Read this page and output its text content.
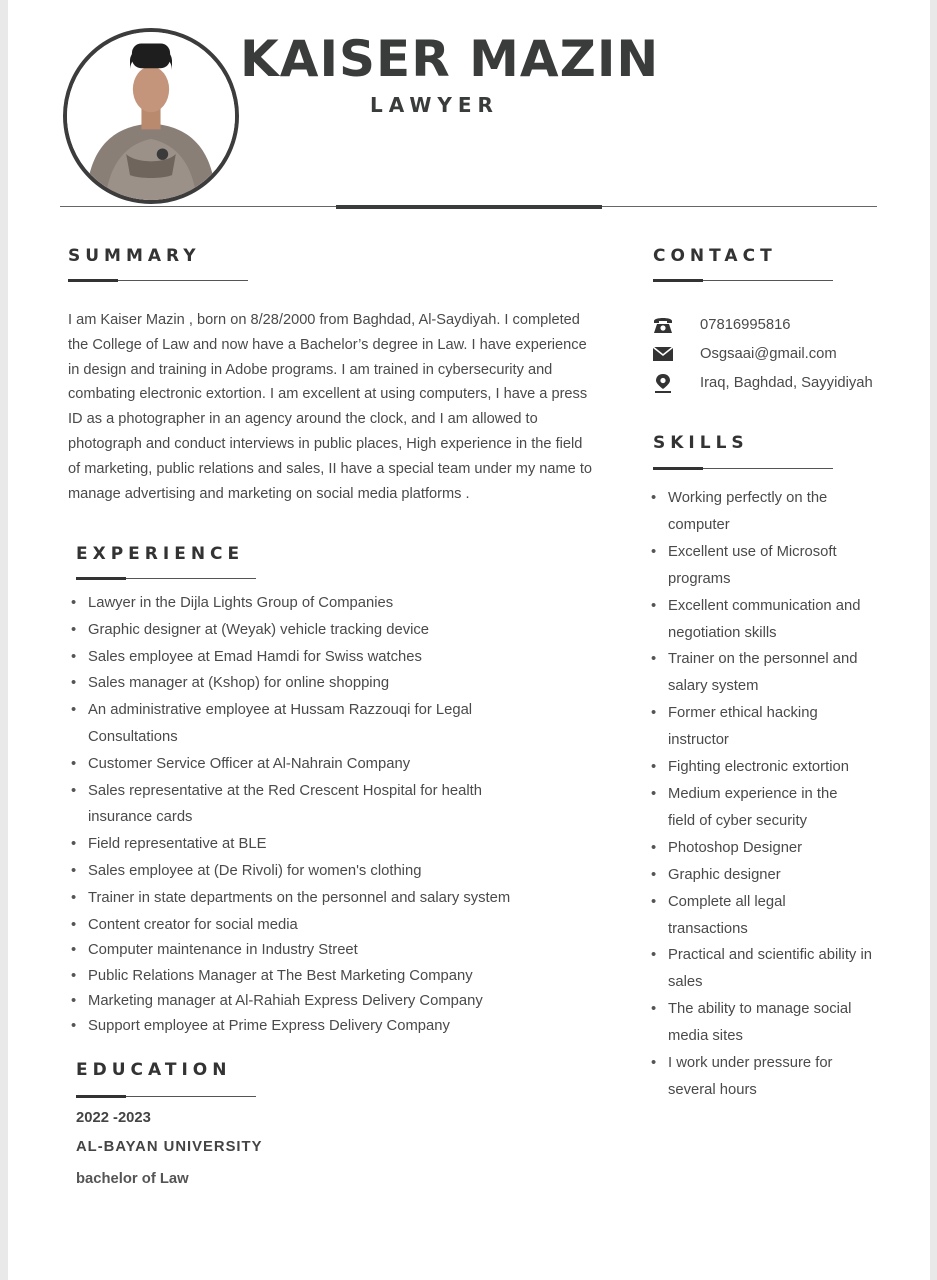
KAISER MAZIN
LAWYER
SUMMARY
I am Kaiser Mazin , born on 8/28/2000 from Baghdad, Al-Saydiyah. I completed the College of Law and now have a Bachelor’s degree in Law. I have experience in design and training in Adobe programs. I am trained in cybersecurity and combating electronic extortion. I am excellent at using computers, I have a press ID as a photographer in an agency around the clock, and I am allowed to photograph and conduct interviews in public places, High experience in the field of marketing, public relations and sales, II have a special team under my name to manage advertising and marketing on social media platforms .
EXPERIENCE
• Lawyer in the Dijla Lights Group of Companies
• Graphic designer at (Weyak) vehicle tracking device
• Sales employee at Emad Hamdi for Swiss watches
• Sales manager at (Kshop) for online shopping
• An administrative employee at Hussam Razzouqi for Legal Consultations
• Customer Service Officer at Al-Nahrain Company
• Sales representative at the Red Crescent Hospital for health insurance cards
• Field representative at BLE
• Sales employee at (De Rivoli) for women's clothing
• Trainer in state departments on the personnel and salary system
• Content creator for social media
• Computer maintenance in Industry Street
• Public Relations Manager at The Best Marketing Company
• Marketing manager at Al-Rahiah Express Delivery Company
• Support employee at Prime Express Delivery Company
EDUCATION
2022 -2023
AL-BAYAN UNIVERSITY
bachelor of Law
CONTACT
07816995816
Osgsaai@gmail.com
Iraq, Baghdad, Sayyidiyah
SKILLS
• Working perfectly on the computer
• Excellent use of Microsoft programs
• Excellent communication and negotiation skills
• Trainer on the personnel and salary system
• Former ethical hacking instructor
• Fighting electronic extortion
• Medium experience in the field of cyber security
• Photoshop Designer
• Graphic designer
• Complete all legal transactions
• Practical and scientific ability in sales
• The ability to manage social media sites
• I work under pressure for several hours
